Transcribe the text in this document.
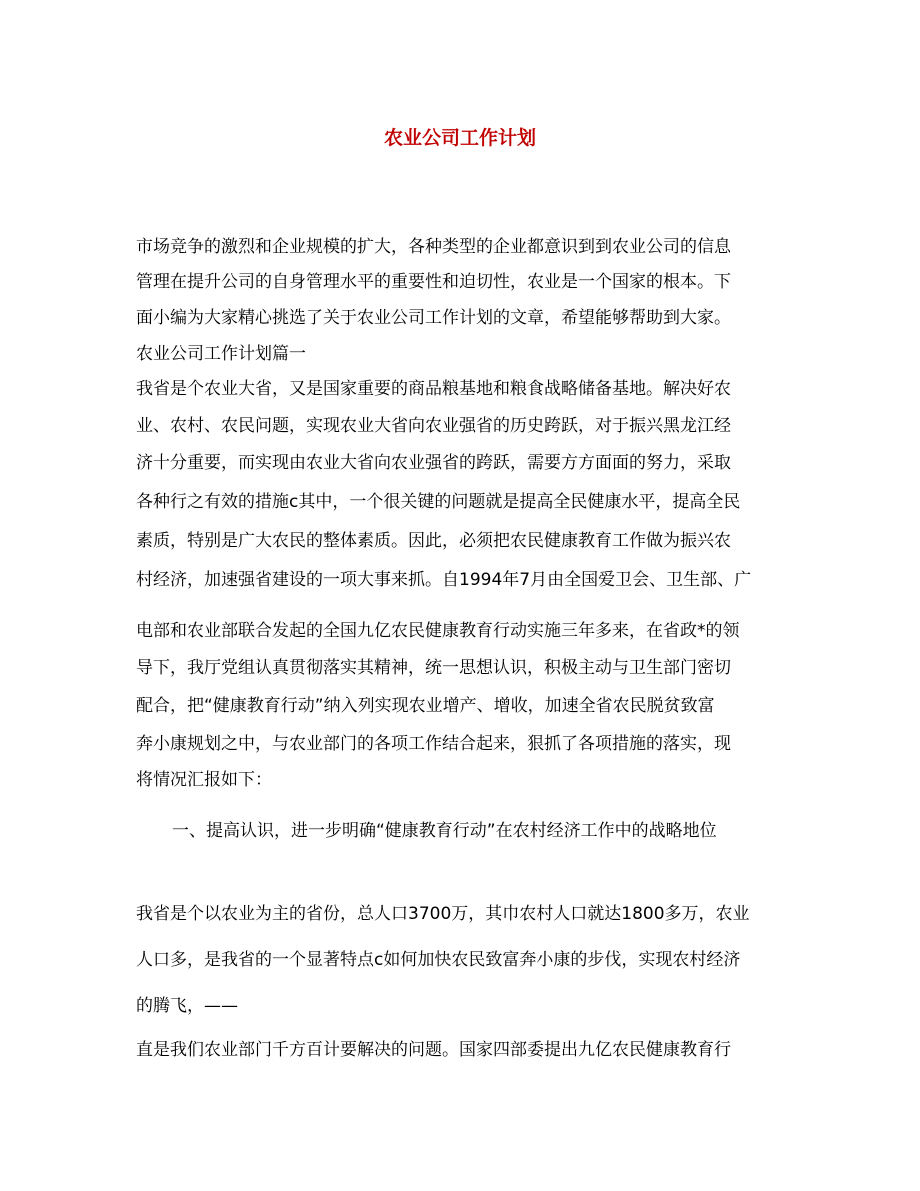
农业公司工作计划
市场竞争的激烈和企业规模的扩大，各种类型的企业都意识到到农业公司的信息
管理在提升公司的自身管理水平的重要性和迫切性，农业是一个国家的根本。下
面小编为大家精心挑选了关于农业公司工作计划的文章，希望能够帮助到大家。
农业公司工作计划篇一
我省是个农业大省，又是国家重要的商品粮基地和粮食战略储备基地。解决好农
业、农村、农民问题，实现农业大省向农业强省的历史跨跃，对于振兴黑龙江经
济十分重要，而实现由农业大省向农业强省的跨跃，需要方方面面的努力，采取
各种行之有效的措施c其中，一个很关键的问题就是提高全民健康水平，提高全民
素质，特别是广大农民的整体素质。因此，必须把农民健康教育工作做为振兴农
村经济，加速强省建设的一项大事来抓。自1994年7月由全国爱卫会、卫生部、广
电部和农业部联合发起的全国九亿农民健康教育行动实施三年多来，在省政*的领
导下，我厅党组认真贯彻落实其精神，统一思想认识，积极主动与卫生部门密切
配合，把“健康教育行动”纳入列实现农业增产、增收，加速全省农民脱贫致富
奔小康规划之中，与农业部门的各项工作结合起来，狠抓了各项措施的落实，现
将情况汇报如下：
一、提高认识，进一步明确“健康教育行动”在农村经济工作中的战略地位
我省是个以农业为主的省份，总人口3700万，其巾农村人口就达1800多万，农业
人口多，是我省的一个显著特点c如何加快农民致富奔小康的步伐，实现农村经济
的腾飞，——
直是我们农业部门千方百计要解决的问题。国家四部委提出九亿农民健康教育行
